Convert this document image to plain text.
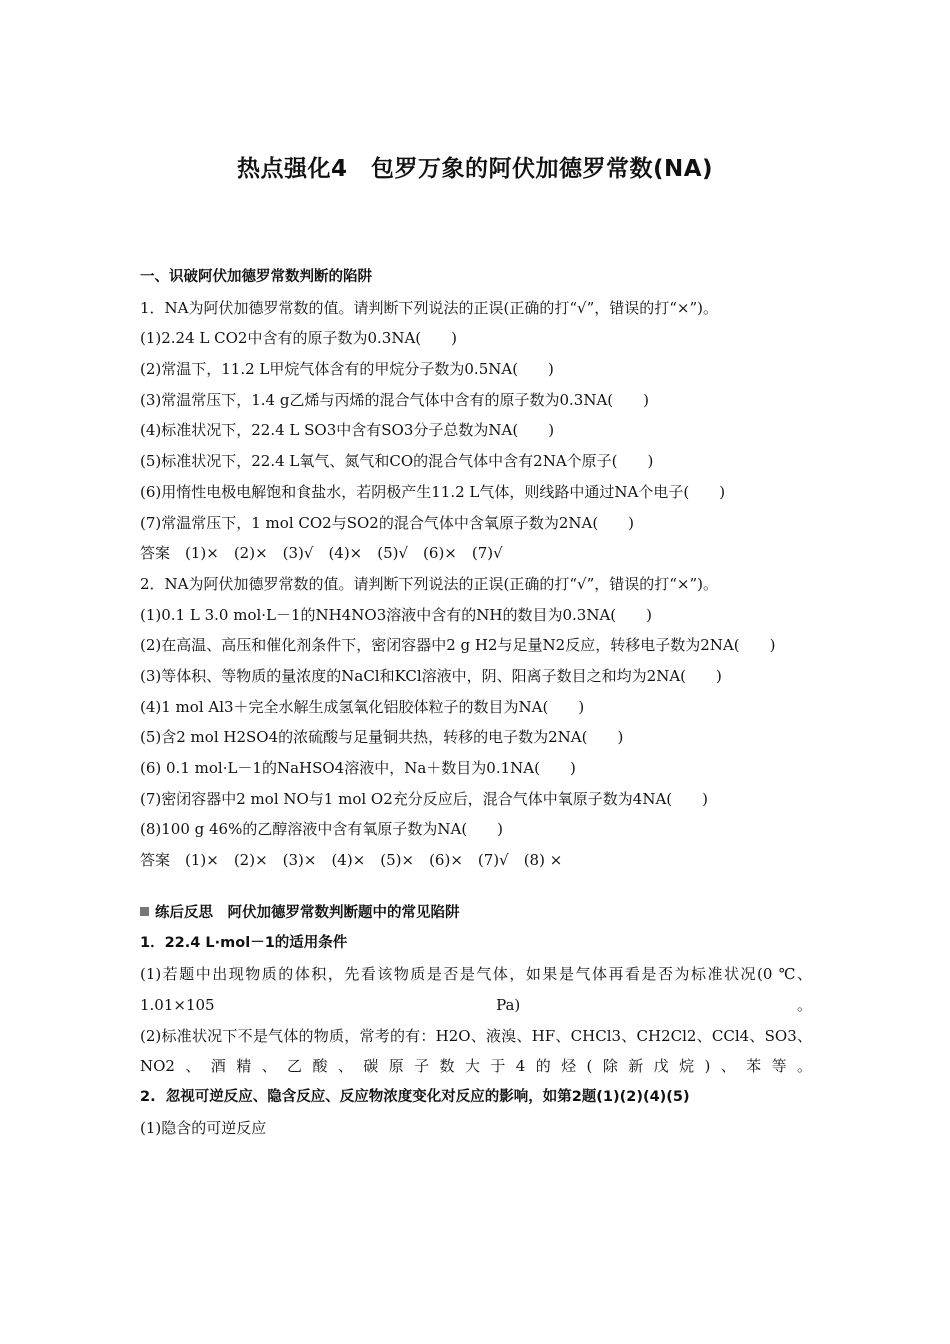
热点强化4　包罗万象的阿伏加德罗常数(NA)
一、识破阿伏加德罗常数判断的陷阱
1．NA为阿伏加德罗常数的值。请判断下列说法的正误(正确的打“√”，错误的打“×”)。
(1)2.24 L CO2中含有的原子数为0.3NA(　　)
(2)常温下，11.2 L甲烷气体含有的甲烷分子数为0.5NA(　　)
(3)常温常压下，1.4 g乙烯与丙烯的混合气体中含有的原子数为0.3NA(　　)
(4)标准状况下，22.4 L SO3中含有SO3分子总数为NA(　　)
(5)标准状况下，22.4 L氧气、氮气和CO的混合气体中含有2NA个原子(　　)
(6)用惰性电极电解饱和食盐水，若阴极产生11.2 L气体，则线路中通过NA个电子(　　)
(7)常温常压下，1 mol CO2与SO2的混合气体中含氧原子数为2NA(　　)
答案　(1)×　(2)×　(3)√　(4)×　(5)√　(6)×　(7)√
2．NA为阿伏加德罗常数的值。请判断下列说法的正误(正确的打“√”，错误的打“×”)。
(1)0.1 L 3.0 mol·L－1的NH4NO3溶液中含有的NH的数目为0.3NA(　　)
(2)在高温、高压和催化剂条件下，密闭容器中2 g H2与足量N2反应，转移电子数为2NA(　　)
(3)等体积、等物质的量浓度的NaCl和KCl溶液中，阴、阳离子数目之和均为2NA(　　)
(4)1 mol Al3＋完全水解生成氢氧化铝胶体粒子的数目为NA(　　)
(5)含2 mol H2SO4的浓硫酸与足量铜共热，转移的电子数为2NA(　　)
(6) 0.1 mol·L－1的NaHSO4溶液中，Na＋数目为0.1NA(　　)
(7)密闭容器中2 mol NO与1 mol O2充分反应后，混合气体中氧原子数为4NA(　　)
(8)100 g 46%的乙醇溶液中含有氧原子数为NA(　　)
答案　(1)×　(2)×　(3)×　(4)×　(5)×　(6)×　(7)√　(8) ×
练后反思　阿伏加德罗常数判断题中的常见陷阱
1．22.4 L·mol－1的适用条件
(1)若题中出现物质的体积，先看该物质是否是气体，如果是气体再看是否为标准状况(0 ℃、1.01×105 Pa)。
(2)标准状况下不是气体的物质，常考的有：H2O、液溴、HF、CHCl3、CH2Cl2、CCl4、SO3、NO2、酒精、乙酸、碳原子数大于4的烃(除新戊烷)、苯等。
2.  忽视可逆反应、隐含反应、反应物浓度变化对反应的影响，如第2题(1)(2)(4)(5)
(1)隐含的可逆反应
